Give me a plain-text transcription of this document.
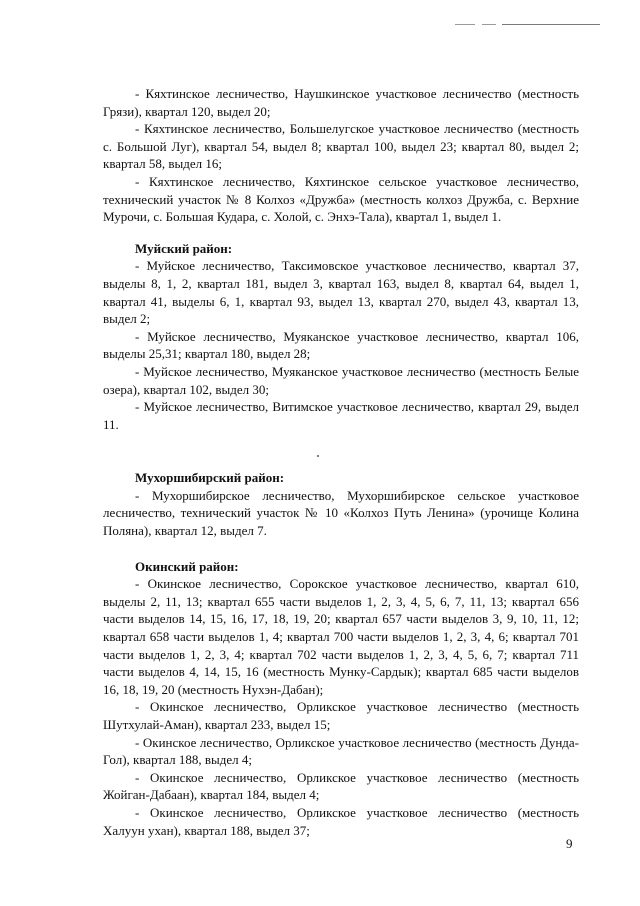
- Кяхтинское лесничество, Наушкинское участковое лесничество (местность Грязи), квартал 120, выдел 20;

- Кяхтинское лесничество, Большелугское участковое лесничество (местность с. Большой Луг), квартал 54, выдел 8; квартал 100, выдел 23; квартал 80, выдел 2; квартал 58, выдел 16;

- Кяхтинское лесничество, Кяхтинское сельское участковое лесничество, технический участок № 8 Колхоз «Дружба» (местность колхоз Дружба, с. Верхние Мурочи, с. Большая Кудара, с. Холой, с. Энхэ-Тала), квартал 1, выдел 1.

Муйский район:

- Муйское лесничество, Таксимовское участковое лесничество, квартал 37, выделы 8, 1, 2, квартал 181, выдел 3, квартал 163, выдел 8, квартал 64, выдел 1, квартал 41, выделы 6, 1, квартал 93, выдел 13, квартал 270, выдел 43, квартал 13, выдел 2;

- Муйское лесничество, Муяканское участковое лесничество, квартал 106, выделы 25,31; квартал 180, выдел 28;

- Муйское лесничество, Муяканское участковое лесничество (местность Белые озера), квартал 102, выдел 30;

- Муйское лесничество, Витимское участковое лесничество, квартал 29, выдел 11.

Мухоршибирский район:

- Мухоршибирское лесничество, Мухоршибирское сельское участковое лесничество, технический участок № 10 «Колхоз Путь Ленина» (урочище Колина Поляна), квартал 12, выдел 7.

Окинский район:

- Окинское лесничество, Сорокское участковое лесничество, квартал 610, выделы 2, 11, 13; квартал 655 части выделов 1, 2, 3, 4, 5, 6, 7, 11, 13; квартал 656 части выделов 14, 15, 16, 17, 18, 19, 20; квартал 657 части выделов 3, 9, 10, 11, 12; квартал 658 части выделов 1, 4; квартал 700 части выделов 1, 2, 3, 4, 6; квартал 701 части выделов 1, 2, 3, 4; квартал 702 части выделов 1, 2, 3, 4, 5, 6, 7; квартал 711 части выделов 4, 14, 15, 16 (местность Мунку-Сардык); квартал 685 части выделов 16, 18, 19, 20 (местность Нухэн-Дабан);

- Окинское лесничество, Орликское участковое лесничество (местность Шутхулай-Аман), квартал 233, выдел 15;

- Окинское лесничество, Орликское участковое лесничество (местность Дунда-Гол), квартал 188, выдел 4;

- Окинское лесничество, Орликское участковое лесничество (местность Жойган-Дабаан), квартал 184, выдел 4;

- Окинское лесничество, Орликское участковое лесничество (местность Халуун ухан), квартал 188, выдел 37;

9
